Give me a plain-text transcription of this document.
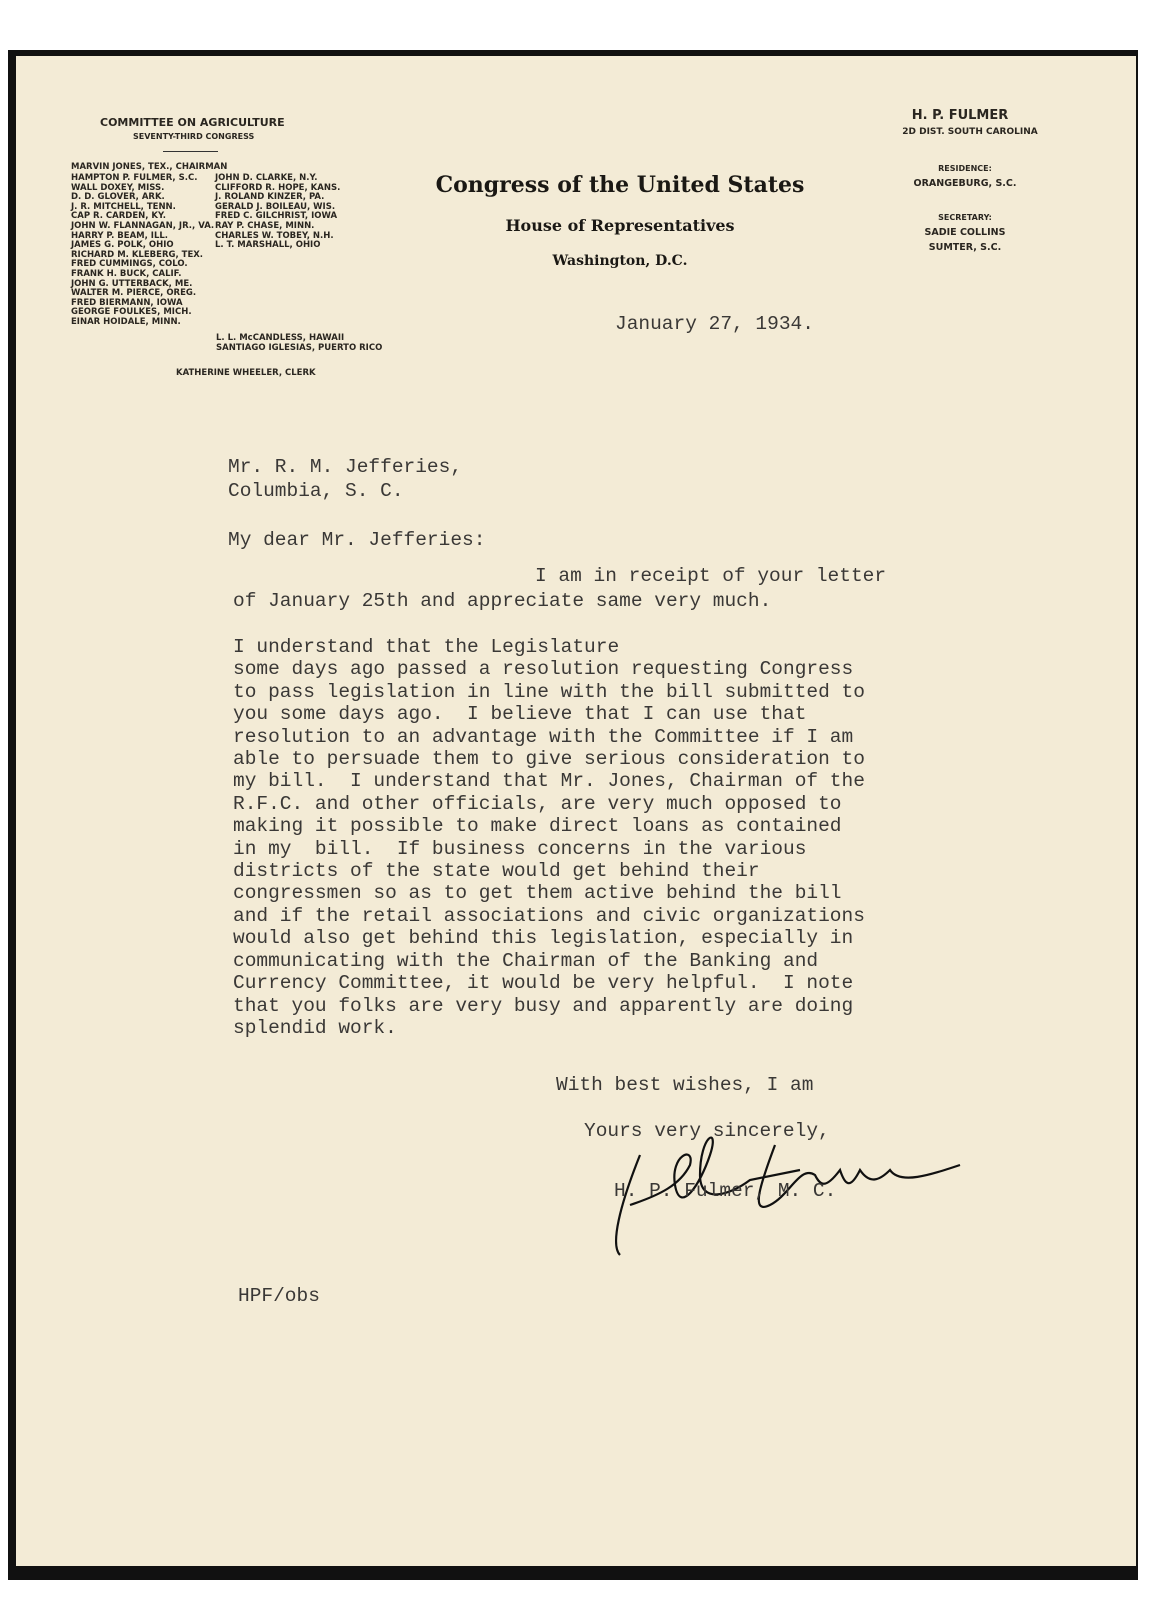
COMMITTEE ON AGRICULTURE
SEVENTY-THIRD CONGRESS
MARVIN JONES, TEX., CHAIRMAN
HAMPTON P. FULMER, S.C.
WALL DOXEY, MISS.
D. D. GLOVER, ARK.
J. R. MITCHELL, TENN.
CAP R. CARDEN, KY.
JOHN W. FLANNAGAN, JR., VA.
HARRY P. BEAM, ILL.
JAMES G. POLK, OHIO
RICHARD M. KLEBERG, TEX.
FRED CUMMINGS, COLO.
FRANK H. BUCK, CALIF.
JOHN G. UTTERBACK, ME.
WALTER M. PIERCE, OREG.
FRED BIERMANN, IOWA
GEORGE FOULKES, MICH.
EINAR HOIDALE, MINN.
JOHN D. CLARKE, N.Y.
CLIFFORD R. HOPE, KANS.
J. ROLAND KINZER, PA.
GERALD J. BOILEAU, WIS.
FRED C. GILCHRIST, IOWA
RAY P. CHASE, MINN.
CHARLES W. TOBEY, N.H.
L. T. MARSHALL, OHIO
L. L. McCANDLESS, HAWAII
SANTIAGO IGLESIAS, PUERTO RICO
KATHERINE WHEELER, CLERK
Congress of the United States
House of Representatives
Washington, D.C.
H. P. FULMER
2D DIST. SOUTH CAROLINA
RESIDENCE:
ORANGEBURG, S.C.
SECRETARY:
SADIE COLLINS
SUMTER, S.C.
January 27, 1934.
Mr. R. M. Jefferies,
Columbia, S. C.
My dear Mr. Jefferies:
I am in receipt of your letter
of January 25th and appreciate same very much.
I understand that the Legislature
some days ago passed a resolution requesting Congress
to pass legislation in line with the bill submitted to
you some days ago.  I believe that I can use that
resolution to an advantage with the Committee if I am
able to persuade them to give serious consideration to
my bill.  I understand that Mr. Jones, Chairman of the
R.F.C. and other officials, are very much opposed to
making it possible to make direct loans as contained
in my  bill.  If business concerns in the various
districts of the state would get behind their
congressmen so as to get them active behind the bill
and if the retail associations and civic organizations
would also get behind this legislation, especially in
communicating with the Chairman of the Banking and
Currency Committee, it would be very helpful.  I note
that you folks are very busy and apparently are doing
splendid work.
With best wishes, I am
Yours very sincerely,
H. P. Fulmer, M. C.
HPF/obs
